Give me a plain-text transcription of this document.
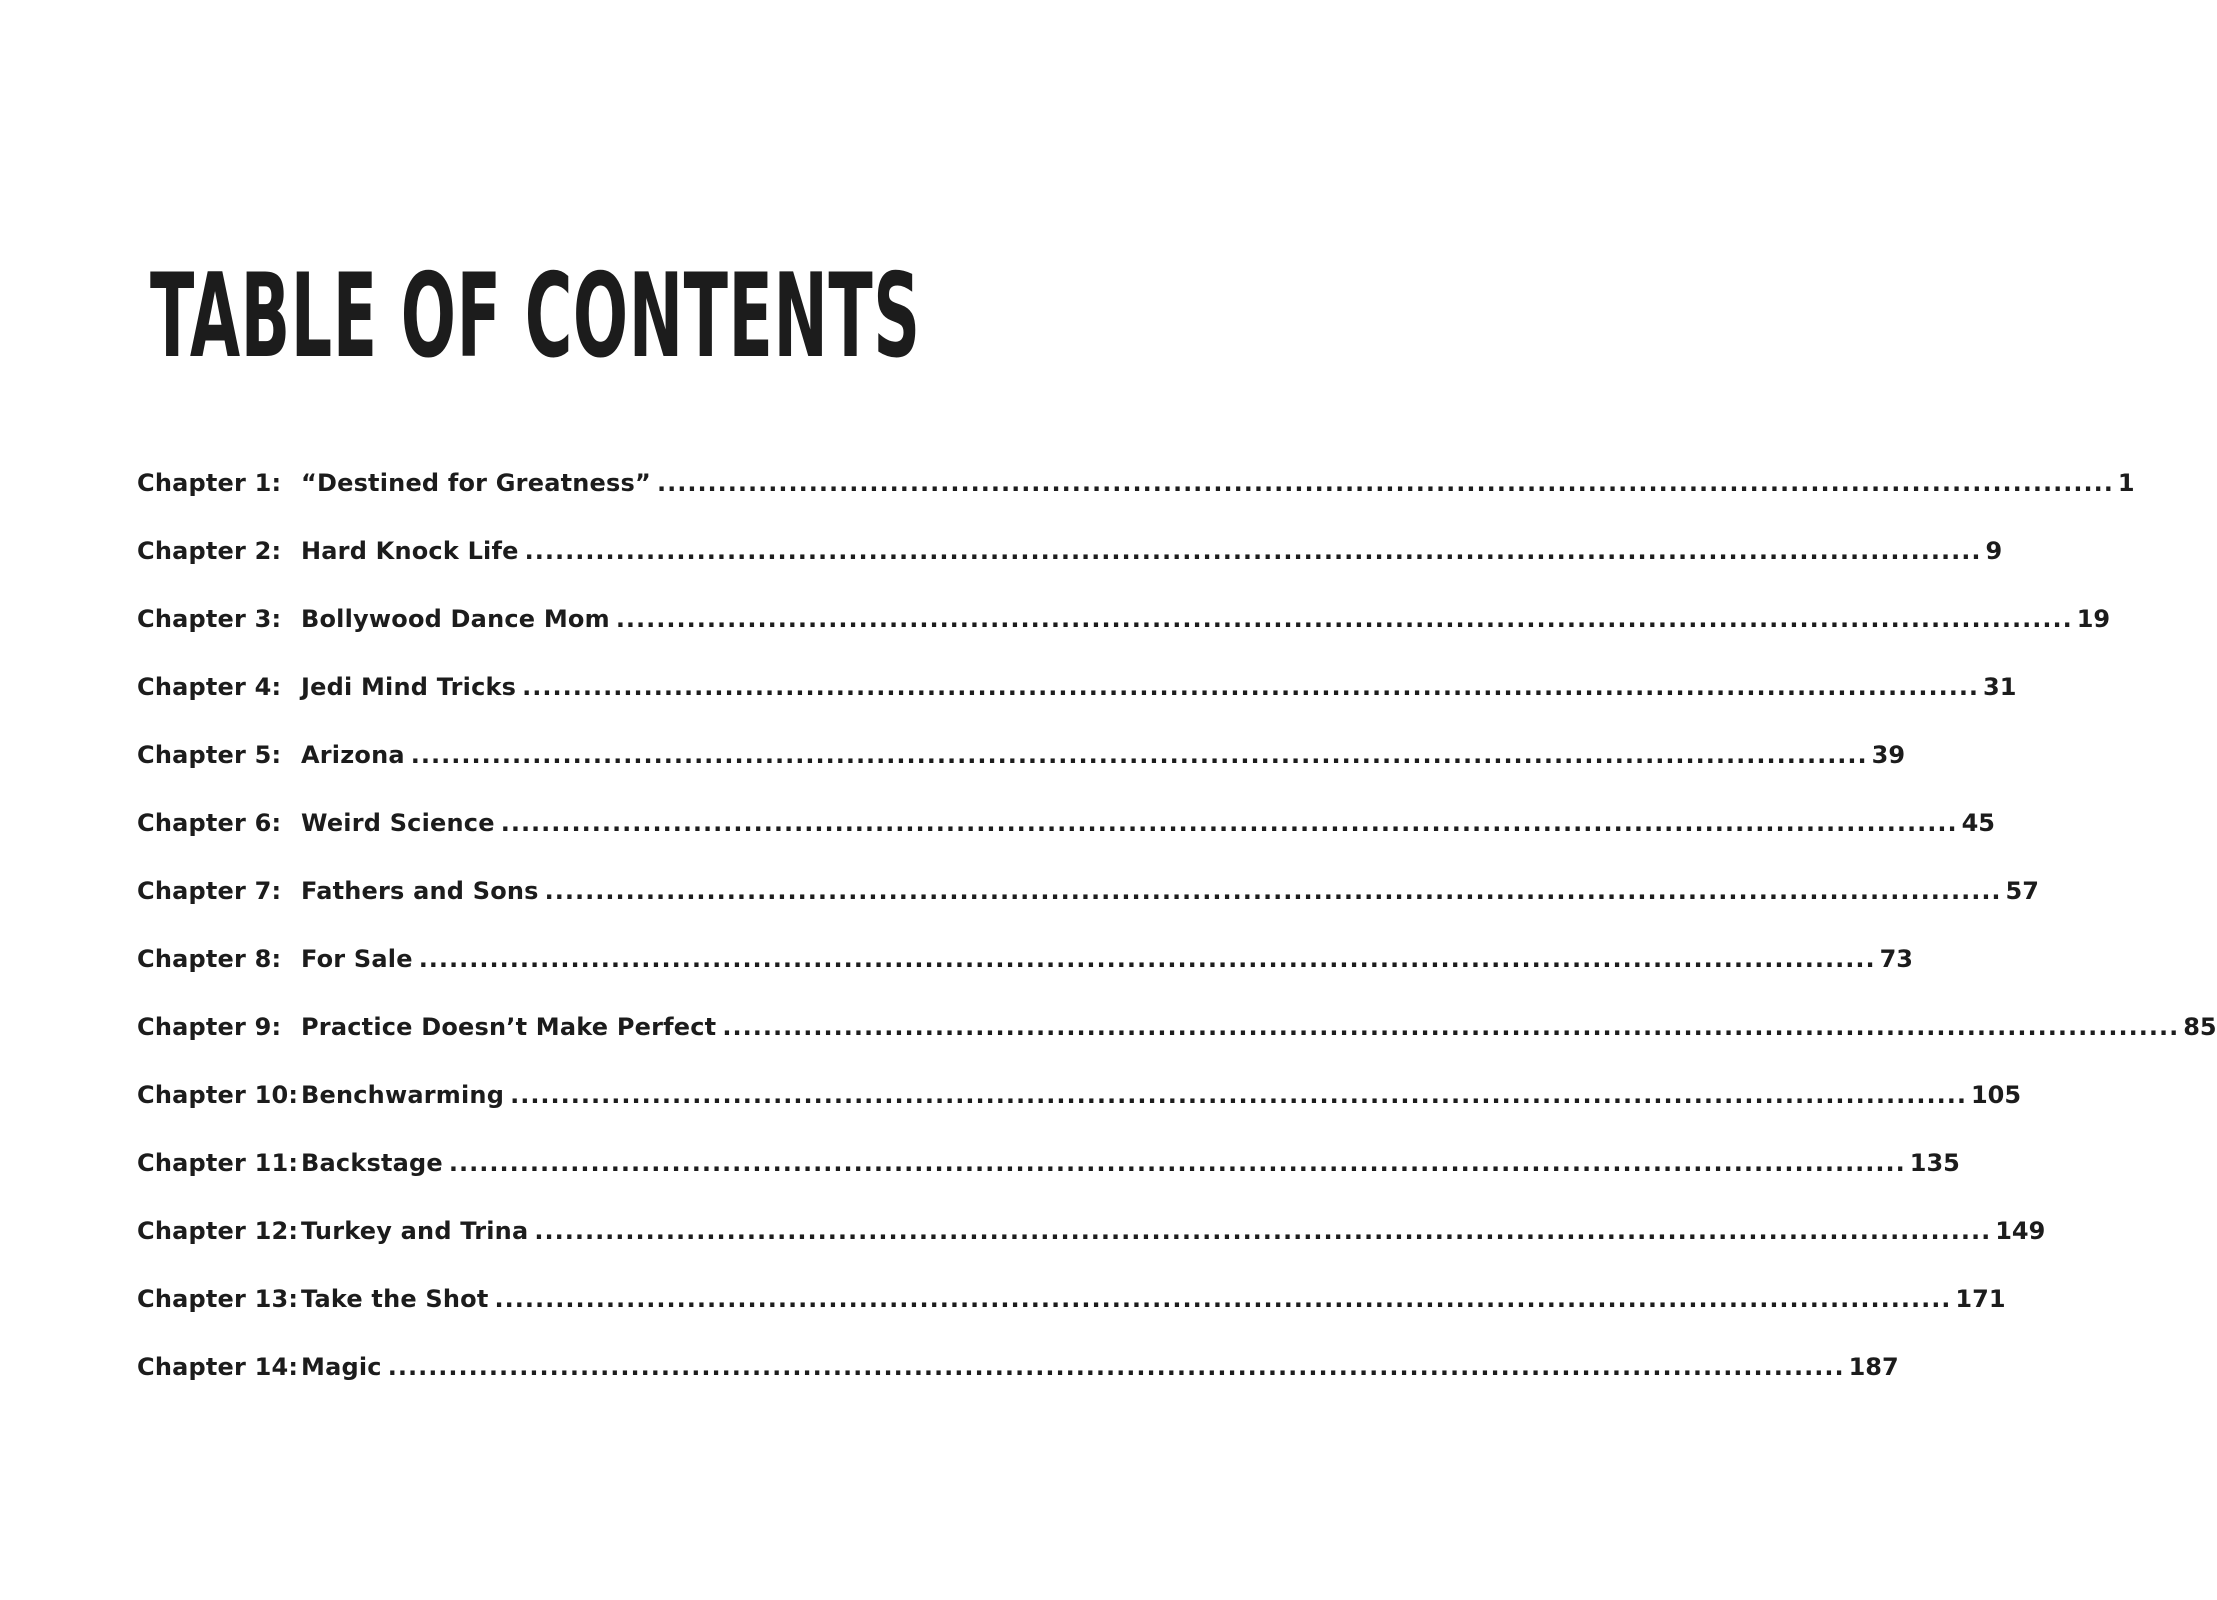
TABLE OF CONTENTS
Chapter 1: “Destined for Greatness” ................................................................................................................................................ 1
Chapter 2: Hard Knock Life ................................................................................................................................................ 9
Chapter 3: Bollywood Dance Mom ................................................................................................................................................ 19
Chapter 4: Jedi Mind Tricks ................................................................................................................................................ 31
Chapter 5: Arizona ................................................................................................................................................ 39
Chapter 6: Weird Science ................................................................................................................................................ 45
Chapter 7: Fathers and Sons ................................................................................................................................................ 57
Chapter 8: For Sale ................................................................................................................................................ 73
Chapter 9: Practice Doesn’t Make Perfect ................................................................................................................................................ 85
Chapter 10: Benchwarming ................................................................................................................................................ 105
Chapter 11: Backstage ................................................................................................................................................ 135
Chapter 12: Turkey and Trina ................................................................................................................................................ 149
Chapter 13: Take the Shot ................................................................................................................................................ 171
Chapter 14: Magic ................................................................................................................................................ 187
